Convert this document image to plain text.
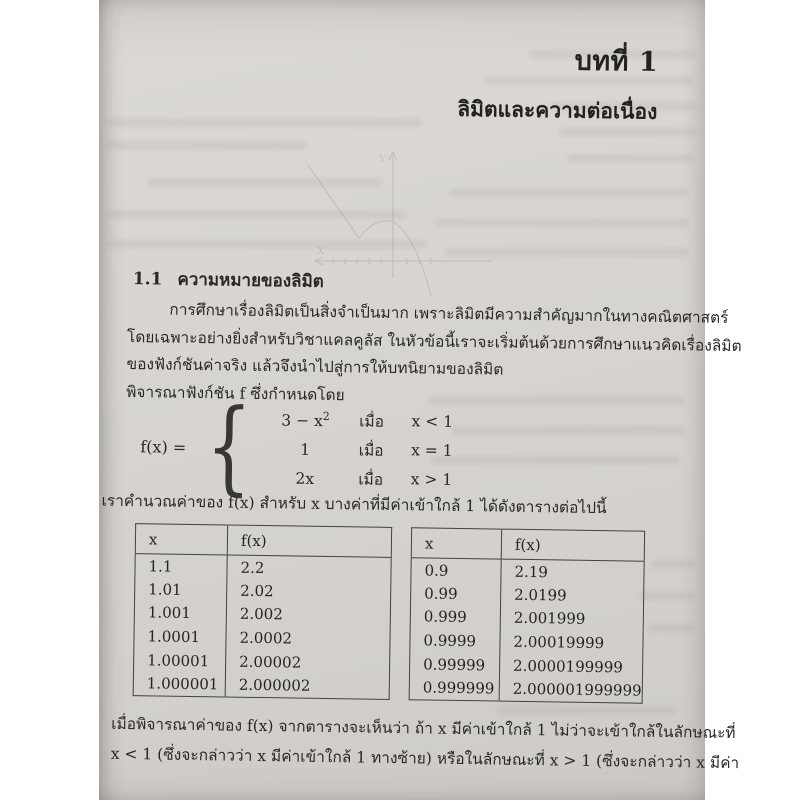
Y
X
บทที่ 1
ลิมิตและความต่อเนื่อง
1.1 ความหมายของลิมิต
การศึกษาเรื่องลิมิตเป็นสิ่งจำเป็นมาก เพราะลิมิตมีความสำคัญมากในทางคณิตศาสตร์
โดยเฉพาะอย่างยิ่งสำหรับวิชาแคลคูลัส ในหัวข้อนี้เราจะเริ่มต้นด้วยการศึกษาแนวคิดเรื่องลิมิต
ของฟังก์ชันค่าจริง แล้วจึงนำไปสู่การให้บทนิยามของลิมิต
พิจารณาฟังก์ชัน f ซึ่งกำหนดโดย
f(x) = {	$3 - x^2$	เมื่อ	x < 1
1	เมื่อ	x = 1
2x	เมื่อ	x > 1
เราคำนวณค่าของ f(x) สำหรับ x บางค่าที่มีค่าเข้าใกล้ 1 ได้ดังตารางต่อไปนี้
x	f(x)
1.1	2.2
1.01	2.02
1.001	2.002
1.0001	2.0002
1.00001	2.00002
1.000001	2.000002
x	f(x)
0.9	2.19
0.99	2.0199
0.999	2.001999
0.9999	2.00019999
0.99999	2.0000199999
0.999999	2.000001999999
เมื่อพิจารณาค่าของ f(x) จากตารางจะเห็นว่า ถ้า x มีค่าเข้าใกล้ 1 ไม่ว่าจะเข้าใกล้ในลักษณะที่
x < 1 (ซึ่งจะกล่าวว่า x มีค่าเข้าใกล้ 1 ทางซ้าย) หรือในลักษณะที่ x > 1 (ซึ่งจะกล่าวว่า x มีค่า
